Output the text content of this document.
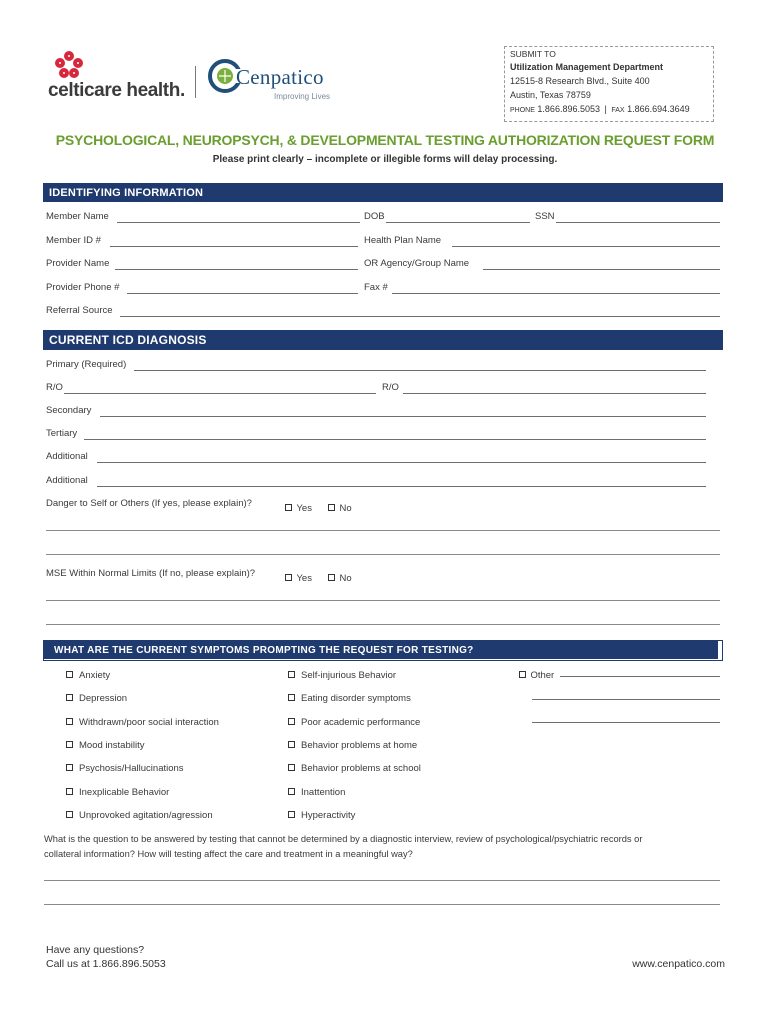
celticare health.
Cenpatico
Improving Lives
SUBMIT TO
Utilization Management Department
12515-8 Research Blvd., Suite 400
Austin, Texas 78759
PHONE 1.866.896.5053 | FAX 1.866.694.3649
PSYCHOLOGICAL, NEUROPSYCH, & DEVELOPMENTAL TESTING AUTHORIZATION REQUEST FORM
Please print clearly – incomplete or illegible forms will delay processing.
IDENTIFYING INFORMATION
Member Name	DOB	SSN
Member ID #	Health Plan Name
Provider Name	OR Agency/Group Name
Provider Phone #	Fax #
Referral Source
CURRENT ICD DIAGNOSIS
Primary (Required)
R/O	R/O
Secondary
Tertiary
Additional
Additional
Danger to Self or Others (If yes, please explain)?	Yes	No
MSE Within Normal Limits (If no, please explain)?	Yes	No
WHAT ARE THE CURRENT SYMPTOMS PROMPTING THE REQUEST FOR TESTING?
Anxiety
Depression
Withdrawn/poor social interaction
Mood instability
Psychosis/Hallucinations
Inexplicable Behavior
Unprovoked agitation/agression
Self-injurious Behavior
Eating disorder symptoms
Poor academic performance
Behavior problems at home
Behavior problems at school
Inattention
Hyperactivity
Other
What is the question to be answered by testing that cannot be determined by a diagnostic interview, review of psychological/psychiatric records or
collateral information? How will testing affect the care and treatment in a meaningful way?
Have any questions?
Call us at 1.866.896.5053	www.cenpatico.com
